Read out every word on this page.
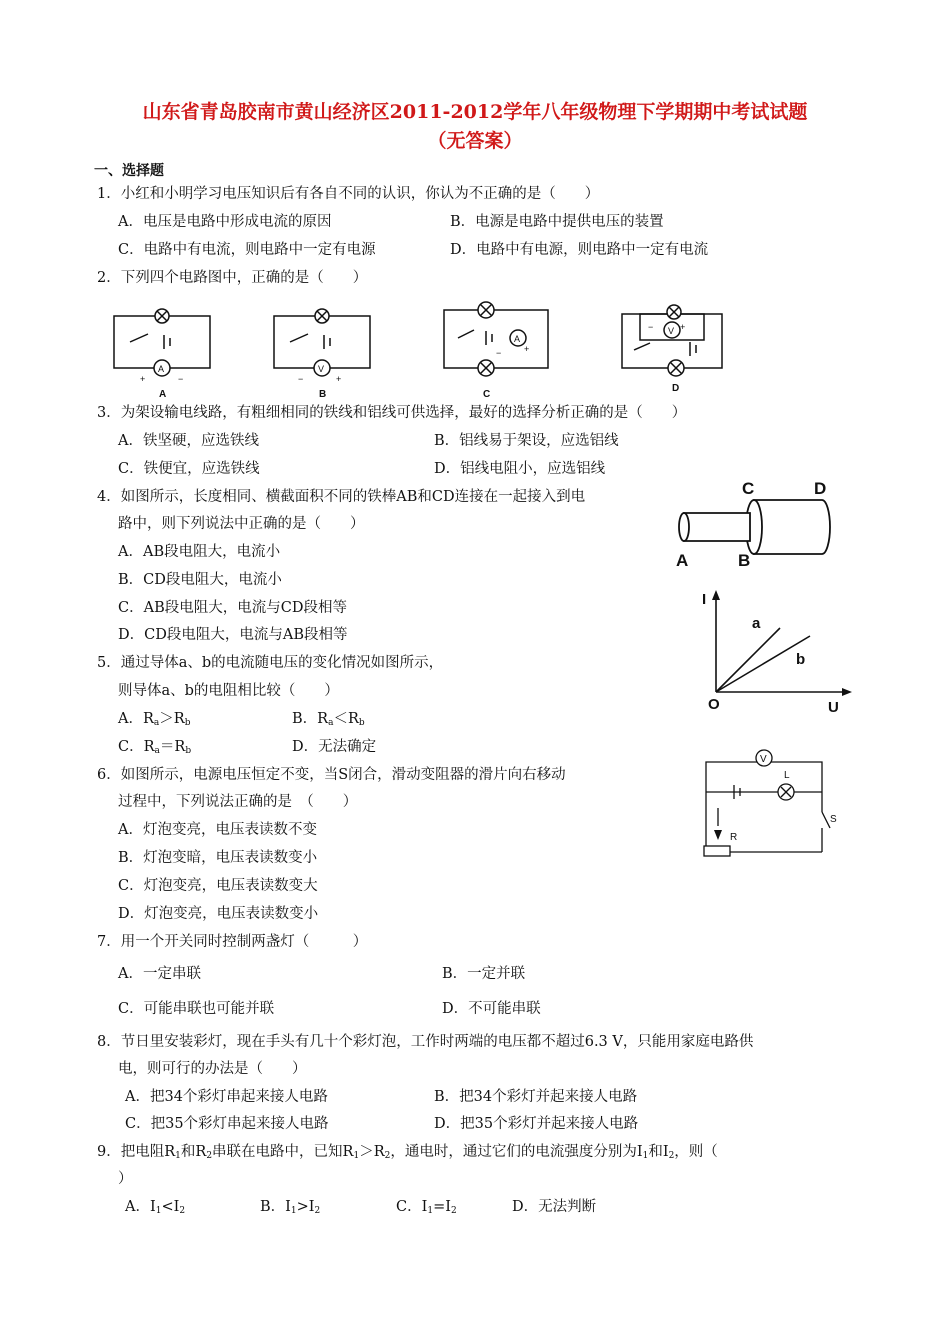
山东省青岛胶南市黄山经济区2011-2012学年八年级物理下学期期中考试试题
（无答案）
一、选择题
1．小红和小明学习电压知识后有各自不同的认识，你认为不正确的是（　　）
A．电压是电路中形成电流的原因	B．电源是电路中提供电压的装置
C．电路中有电流，则电路中一定有电源	D．电路中有电源，则电路中一定有电流
2．下列四个电路图中，正确的是（　　）
A	V
A
V
+	−	−	+
−	+
−	+
A	B	C
D
3．为架设输电线路，有粗细相同的铁线和铝线可供选择，最好的选择分析正确的是（　　）
A．铁坚硬，应选铁线	B．铝线易于架设，应选铝线
C．铁便宜，应选铁线	D．铝线电阻小，应选铝线
4．如图所示，长度相同、横截面积不同的铁棒AB和CD连接在一起接入到电
路中，则下列说法中正确的是（　　）
A．AB段电阻大，电流小
B．CD段电阻大，电流小
C．AB段电阻大，电流与CD段相等
D．CD段电阻大，电流与AB段相等
A	B
C	D
5．通过导体a、b的电流随电压的变化情况如图所示，
则导体a、b的电阻相比较（　　）
A．$R_a>R_b$	B．$R_a<R_b$
C．$R_a=R_b$	D．无法确定
I
U
O
a
b
6．如图所示，电源电压恒定不变，当S闭合，滑动变阻器的滑片向右移动
过程中，下列说法正确的是　（　　）
A．灯泡变亮，电压表读数不变
B．灯泡变暗，电压表读数变小
C．灯泡变亮，电压表读数变大
D．灯泡变亮，电压表读数变小
V
L
R
S
7．用一个开关同时控制两盏灯（　　　）
A．一定串联	B．一定并联
C．可能串联也可能并联	D．不可能串联
8．节日里安装彩灯，现在手头有几十个彩灯泡，工作时两端的电压都不超过6.3 V，只能用家庭电路供
电，则可行的办法是（　　）
A．把34个彩灯串起来接人电路	B．把34个彩灯并起来接人电路
C．把35个彩灯串起来接人电路	D．把35个彩灯并起来接人电路
9．把电阻$R_1$和$R_2$串联在电路中，已知$R_1>R_2$，通电时，通过它们的电流强度分别为$I_1$和$I_2$，则（
）
A．$I_1<I_2$	B．$I_1>I_2$	C．$I_1=I_2$	D．无法判断
